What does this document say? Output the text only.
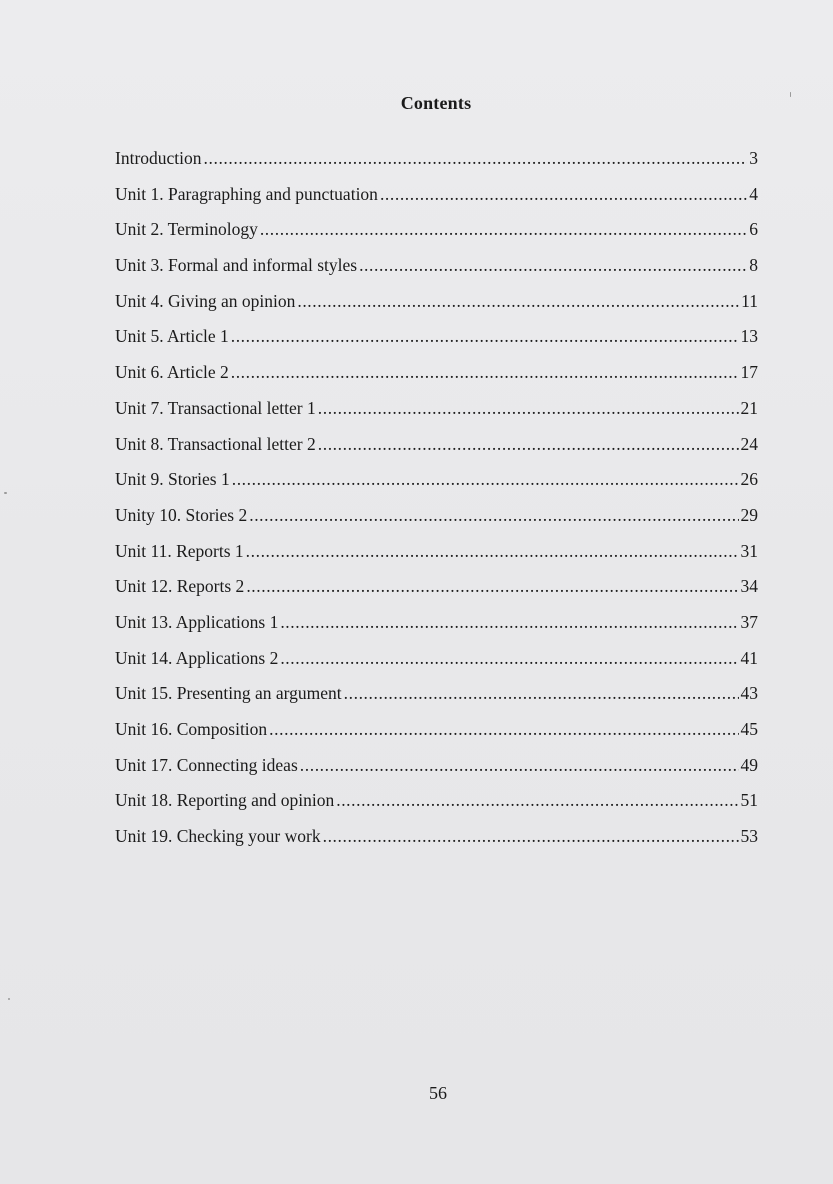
Contents
Introduction .....	3
Unit 1. Paragraphing and punctuation .....	4
Unit 2. Terminology .....	6
Unit 3. Formal and informal styles .....	8
Unit 4. Giving an opinion .....	11
Unit 5. Article 1 .....	13
Unit 6. Article 2 .....	17
Unit 7. Transactional letter 1 .....	21
Unit 8. Transactional letter 2 .....	24
Unit 9. Stories 1 .....	26
Unity 10. Stories 2 .....	29
Unit 11. Reports 1 .....	31
Unit 12. Reports 2 .....	34
Unit 13. Applications 1 .....	37
Unit 14. Applications 2 .....	41
Unit 15. Presenting an argument .....	43
Unit 16. Composition .....	45
Unit 17. Connecting ideas .....	49
Unit 18. Reporting and opinion .....	51
Unit 19. Checking your work .....	53
56
